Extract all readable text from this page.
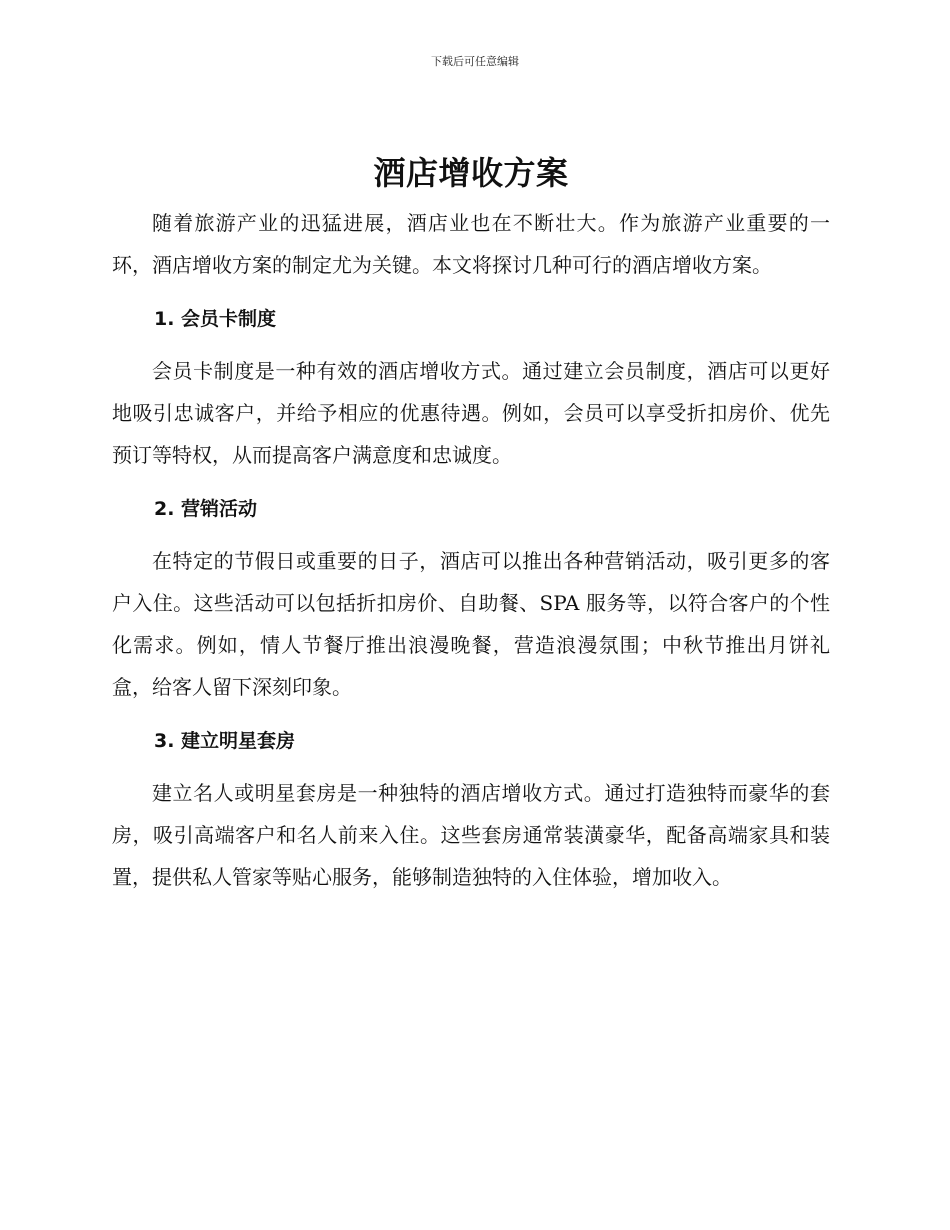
下载后可任意编辑
酒店增收方案

随着旅游产业的迅猛进展，酒店业也在不断壮大。作为旅游产业重要的一环，酒店增收方案的制定尤为关键。本文将探讨几种可行的酒店增收方案。

1. 会员卡制度

会员卡制度是一种有效的酒店增收方式。通过建立会员制度，酒店可以更好地吸引忠诚客户，并给予相应的优惠待遇。例如，会员可以享受折扣房价、优先预订等特权，从而提高客户满意度和忠诚度。

2. 营销活动

在特定的节假日或重要的日子，酒店可以推出各种营销活动，吸引更多的客户入住。这些活动可以包括折扣房价、自助餐、SPA 服务等，以符合客户的个性化需求。例如，情人节餐厅推出浪漫晚餐，营造浪漫氛围；中秋节推出月饼礼盒，给客人留下深刻印象。

3. 建立明星套房

建立名人或明星套房是一种独特的酒店增收方式。通过打造独特而豪华的套房，吸引高端客户和名人前来入住。这些套房通常装潢豪华，配备高端家具和装置，提供私人管家等贴心服务，能够制造独特的入住体验，增加收入。
